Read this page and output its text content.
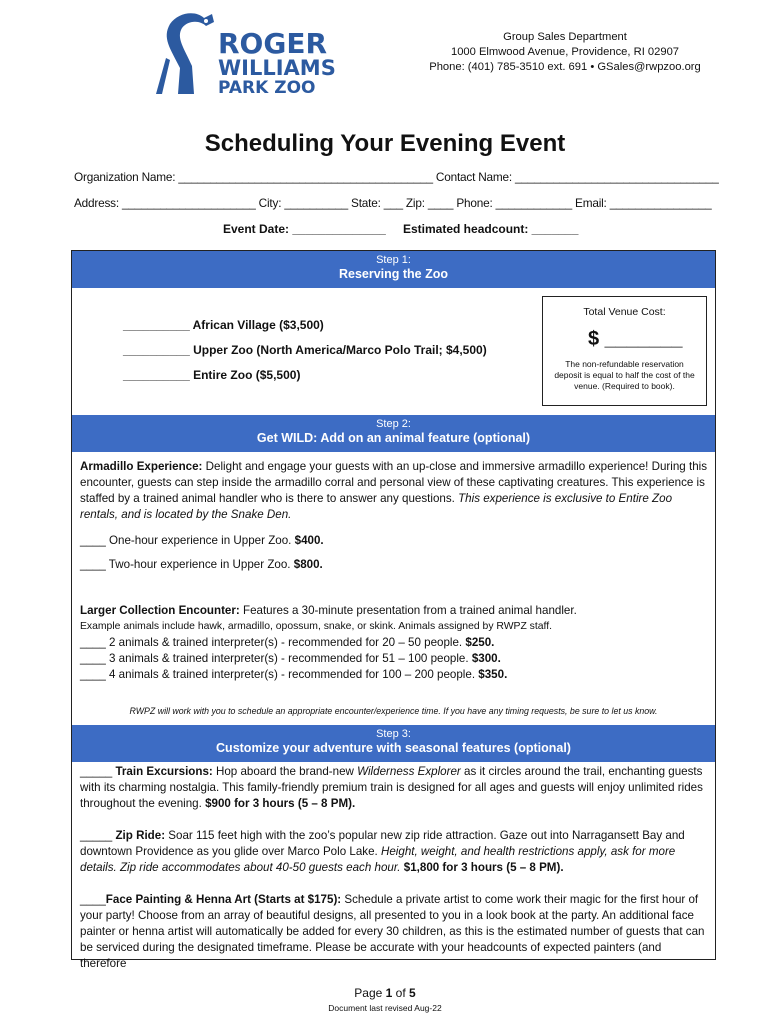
ROGER
WILLIAMS
PARK ZOO
Group Sales Department
1000 Elmwood Avenue, Providence, RI 02907
Phone: (401) 785-3510 ext. 691 • GSales@rwpzoo.org
Scheduling Your Evening Event
Organization Name: ________________________________________ Contact Name: ________________________________
Address: _____________________ City: __________ State: ___ Zip: ____ Phone: ____________ Email: ________________
Event Date: ______________ Estimated headcount: _______
Step 1:
Reserving the Zoo
__________ African Village ($3,500)
__________ Upper Zoo (North America/Marco Polo Trail; $4,500)
__________ Entire Zoo ($5,500)
Total Venue Cost:
$ _______
The non-refundable reservation deposit is equal to half the cost of the venue. (Required to book).
Step 2:
Get WILD: Add on an animal feature (optional)
Armadillo Experience: Delight and engage your guests with an up-close and immersive armadillo experience! During this encounter, guests can step inside the armadillo corral and personal view of these captivating creatures. This experience is staffed by a trained animal handler who is there to answer any questions. This experience is exclusive to Entire Zoo rentals, and is located by the Snake Den.
____ One-hour experience in Upper Zoo. $400.
____ Two-hour experience in Upper Zoo. $800.
Larger Collection Encounter: Features a 30-minute presentation from a trained animal handler.
Example animals include hawk, armadillo, opossum, snake, or skink. Animals assigned by RWPZ staff.
____ 2 animals & trained interpreter(s) - recommended for 20 – 50 people. $250.
____ 3 animals & trained interpreter(s) - recommended for 51 – 100 people. $300.
____ 4 animals & trained interpreter(s) - recommended for 100 – 200 people. $350.
RWPZ will work with you to schedule an appropriate encounter/experience time. If you have any timing requests, be sure to let us know.
Step 3:
Customize your adventure with seasonal features (optional)
_____ Train Excursions: Hop aboard the brand-new Wilderness Explorer as it circles around the trail, enchanting guests with its charming nostalgia. This family-friendly premium train is designed for all ages and guests will enjoy unlimited rides throughout the evening. $900 for 3 hours (5 – 8 PM).
_____ Zip Ride: Soar 115 feet high with the zoo’s popular new zip ride attraction. Gaze out into Narragansett Bay and downtown Providence as you glide over Marco Polo Lake. Height, weight, and health restrictions apply, ask for more details. Zip ride accommodates about 40-50 guests each hour. $1,800 for 3 hours (5 – 8 PM).
____Face Painting & Henna Art (Starts at $175): Schedule a private artist to come work their magic for the first hour of your party! Choose from an array of beautiful designs, all presented to you in a look book at the party. An additional face painter or henna artist will automatically be added for every 30 children, as this is the estimated number of guests that can be serviced during the designated timeframe. Please be accurate with your headcounts of expected painters (and therefore
Page 1 of 5
Document last revised Aug-22
